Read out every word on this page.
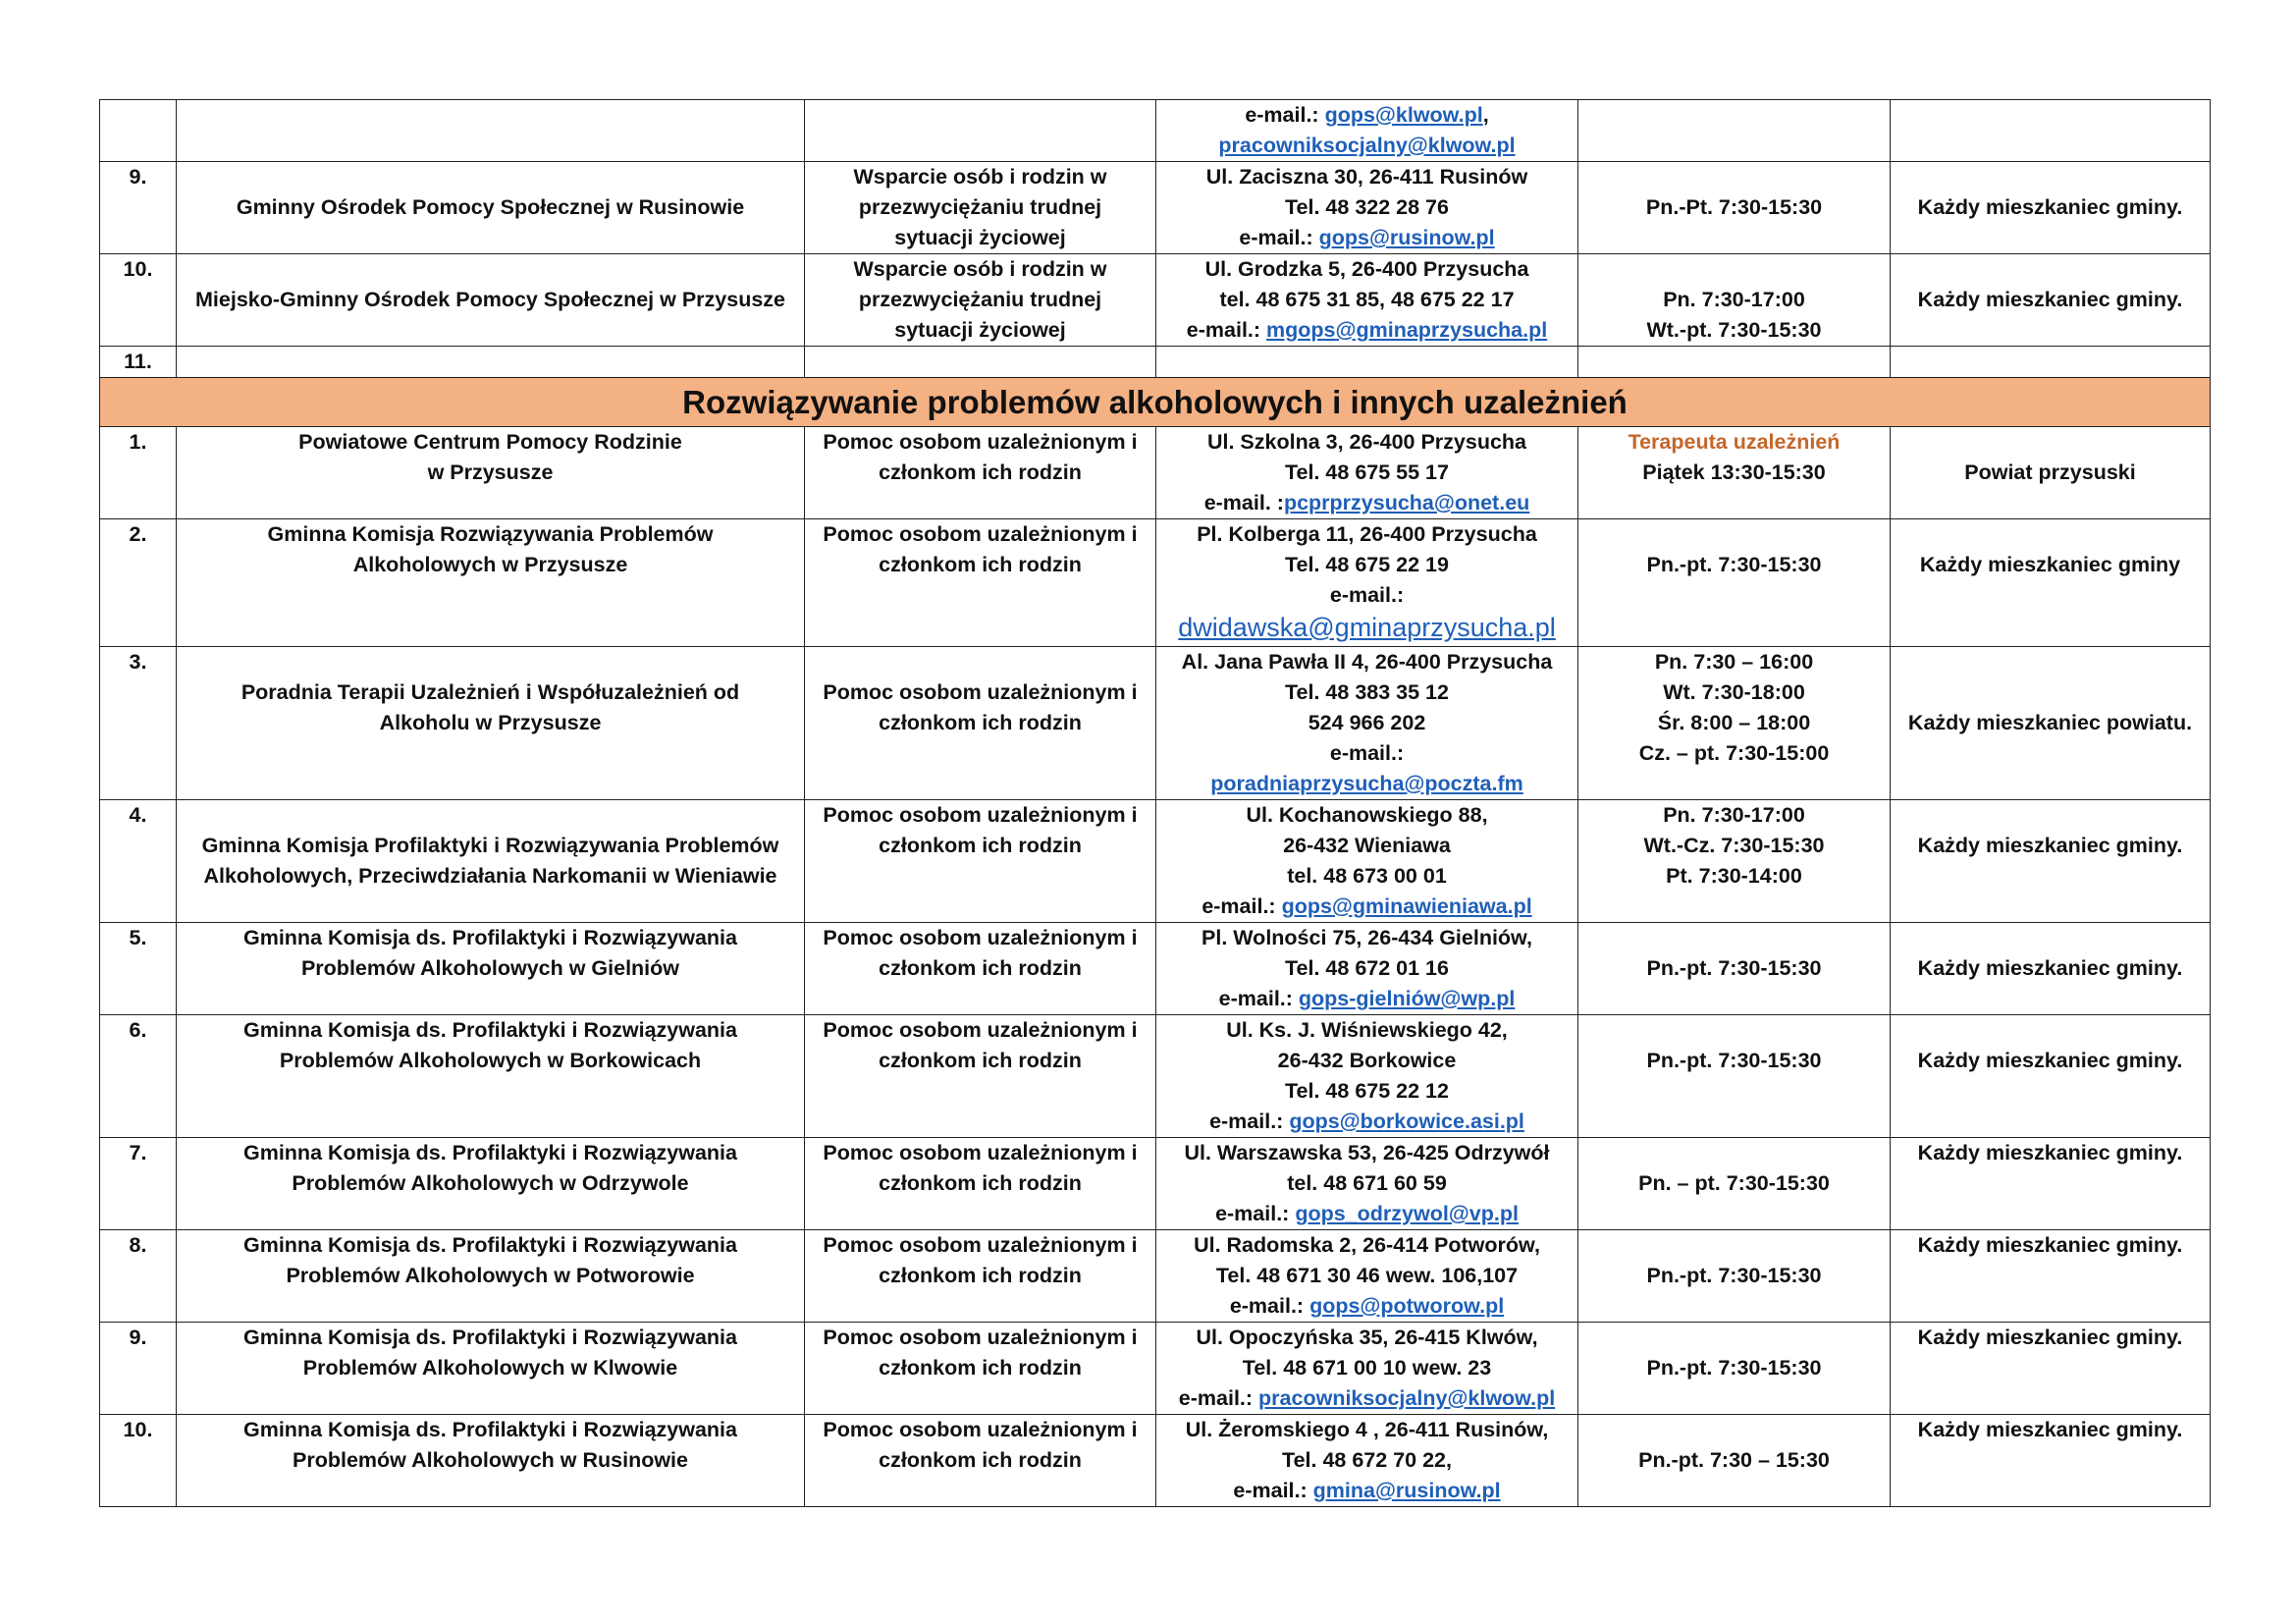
			e-mail.: gops@klwow.pl,
pracowniksocjalny@klwow.pl		

9.	Gminny Ośrodek Pomocy Społecznej w Rusinowie	Wsparcie osób i rodzin w
przezwyciężaniu trudnej
sytuacji życiowej	Ul. Zaciszna 30, 26-411 Rusinów
Tel. 48 322 28 76
e-mail.: gops@rusinow.pl	Pn.-Pt. 7:30-15:30	Każdy mieszkaniec gminy.
10.	Miejsko-Gminny Ośrodek Pomocy Społecznej w Przysusze	Wsparcie osób i rodzin w
przezwyciężaniu trudnej
sytuacji życiowej	Ul. Grodzka 5, 26-400 Przysucha
tel. 48 675 31 85, 48 675 22 17
e-mail.: mgops@gminaprzysucha.pl	Pn. 7:30-17:00
Wt.-pt. 7:30-15:30	Każdy mieszkaniec gminy.
11.					
Rozwiązywanie problemów alkoholowych i innych uzależnień					
1.	Powiatowe Centrum Pomocy Rodzinie
w Przysusze	Pomoc osobom uzależnionym i
członkom ich rodzin	Ul. Szkolna 3, 26-400 Przysucha
Tel. 48 675 55 17
e-mail. :pcprprzysucha@onet.eu	Terapeuta uzależnień
Piątek 13:30-15:30	Powiat przysuski
2.	Gminna Komisja Rozwiązywania Problemów
Alkoholowych w Przysusze	Pomoc osobom uzależnionym i
członkom ich rodzin	Pl. Kolberga 11, 26-400 Przysucha
Tel. 48 675 22 19
e-mail.:
dwidawska@gminaprzysucha.pl	Pn.-pt. 7:30-15:30	Każdy mieszkaniec gminy

3.	Poradnia Terapii Uzależnień i Współuzależnień od
Alkoholu w Przysusze	Pomoc osobom uzależnionym i
członkom ich rodzin	Al. Jana Pawła II 4, 26-400 Przysucha
Tel. 48 383 35 12
524 966 202
e-mail.:
poradniaprzysucha@poczta.fm	Pn. 7:30 – 16:00
Wt. 7:30-18:00
Śr. 8:00 – 18:00
Cz. – pt. 7:30-15:00	Każdy mieszkaniec powiatu.
4.	Gminna Komisja Profilaktyki i Rozwiązywania Problemów
Alkoholowych, Przeciwdziałania Narkomanii w Wieniawie	Pomoc osobom uzależnionym i
członkom ich rodzin	Ul. Kochanowskiego 88,
26-432 Wieniawa
tel. 48 673 00 01
e-mail.: gops@gminawieniawa.pl	Pn. 7:30-17:00
Wt.-Cz. 7:30-15:30
Pt. 7:30-14:00	Każdy mieszkaniec gminy.

5.	Gminna Komisja ds. Profilaktyki i Rozwiązywania
Problemów Alkoholowych w Gielniów	Pomoc osobom uzależnionym i
członkom ich rodzin	Pl. Wolności 75, 26-434 Gielniów,
Tel. 48 672 01 16
e-mail.: gops-gielniów@wp.pl	Pn.-pt. 7:30-15:30	Każdy mieszkaniec gminy.
6.	Gminna Komisja ds. Profilaktyki i Rozwiązywania
Problemów Alkoholowych w Borkowicach	Pomoc osobom uzależnionym i
członkom ich rodzin	Ul. Ks. J. Wiśniewskiego 42,
26-432 Borkowice
Tel. 48 675 22 12
e-mail.: gops@borkowice.asi.pl	Pn.-pt. 7:30-15:30	Każdy mieszkaniec gminy.

7.	Gminna Komisja ds. Profilaktyki i Rozwiązywania
Problemów Alkoholowych w Odrzywole	Pomoc osobom uzależnionym i
członkom ich rodzin	Ul. Warszawska 53, 26-425 Odrzywół
tel. 48 671 60 59
e-mail.: gops_odrzywol@vp.pl	Pn. – pt. 7:30-15:30	Każdy mieszkaniec gminy.
8.	Gminna Komisja ds. Profilaktyki i Rozwiązywania
Problemów Alkoholowych w Potworowie	Pomoc osobom uzależnionym i
członkom ich rodzin	Ul. Radomska 2, 26-414 Potworów,
Tel. 48 671 30 46 wew. 106,107
e-mail.: gops@potworow.pl	Pn.-pt. 7:30-15:30	Każdy mieszkaniec gminy.
9.	Gminna Komisja ds. Profilaktyki i Rozwiązywania
Problemów Alkoholowych w Klwowie	Pomoc osobom uzależnionym i
członkom ich rodzin	Ul. Opoczyńska 35, 26-415 Klwów,
Tel. 48 671 00 10 wew. 23
e-mail.: pracowniksocjalny@klwow.pl	Pn.-pt. 7:30-15:30	Każdy mieszkaniec gminy.
10.	Gminna Komisja ds. Profilaktyki i Rozwiązywania
Problemów Alkoholowych w Rusinowie	Pomoc osobom uzależnionym i
członkom ich rodzin	Ul. Żeromskiego 4 , 26-411 Rusinów,
Tel. 48 672 70 22,
e-mail.: gmina@rusinow.pl	Pn.-pt. 7:30 – 15:30	Każdy mieszkaniec gminy.
